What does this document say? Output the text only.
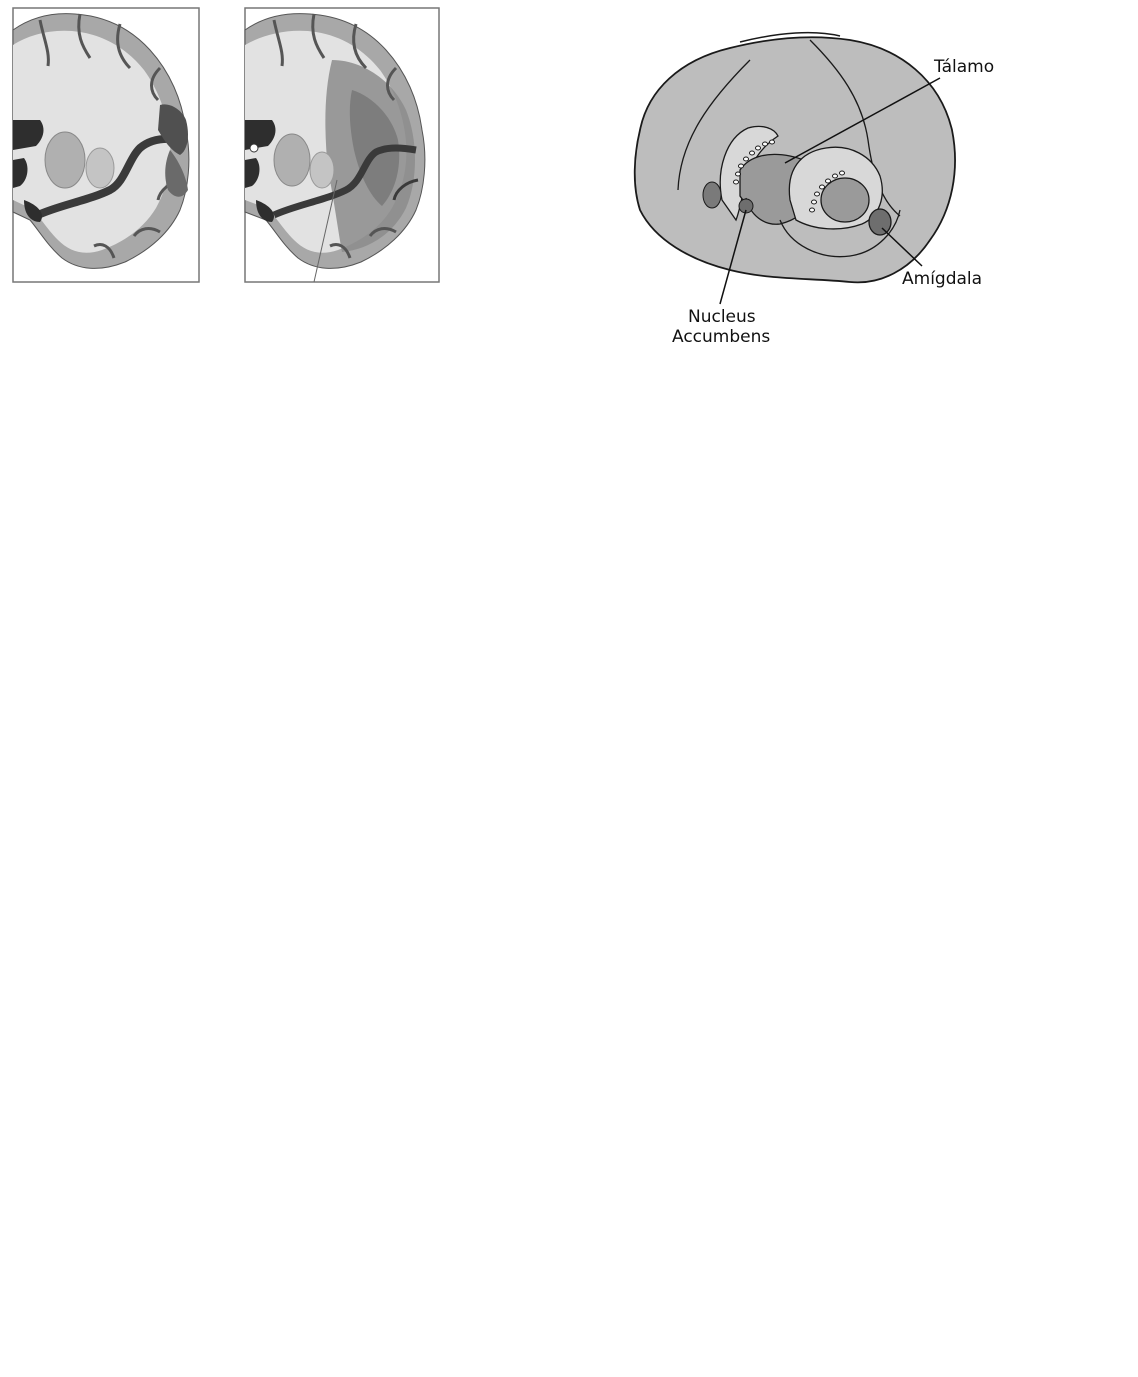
Tálamo
Amígdala
Nucleus
Accumbens
